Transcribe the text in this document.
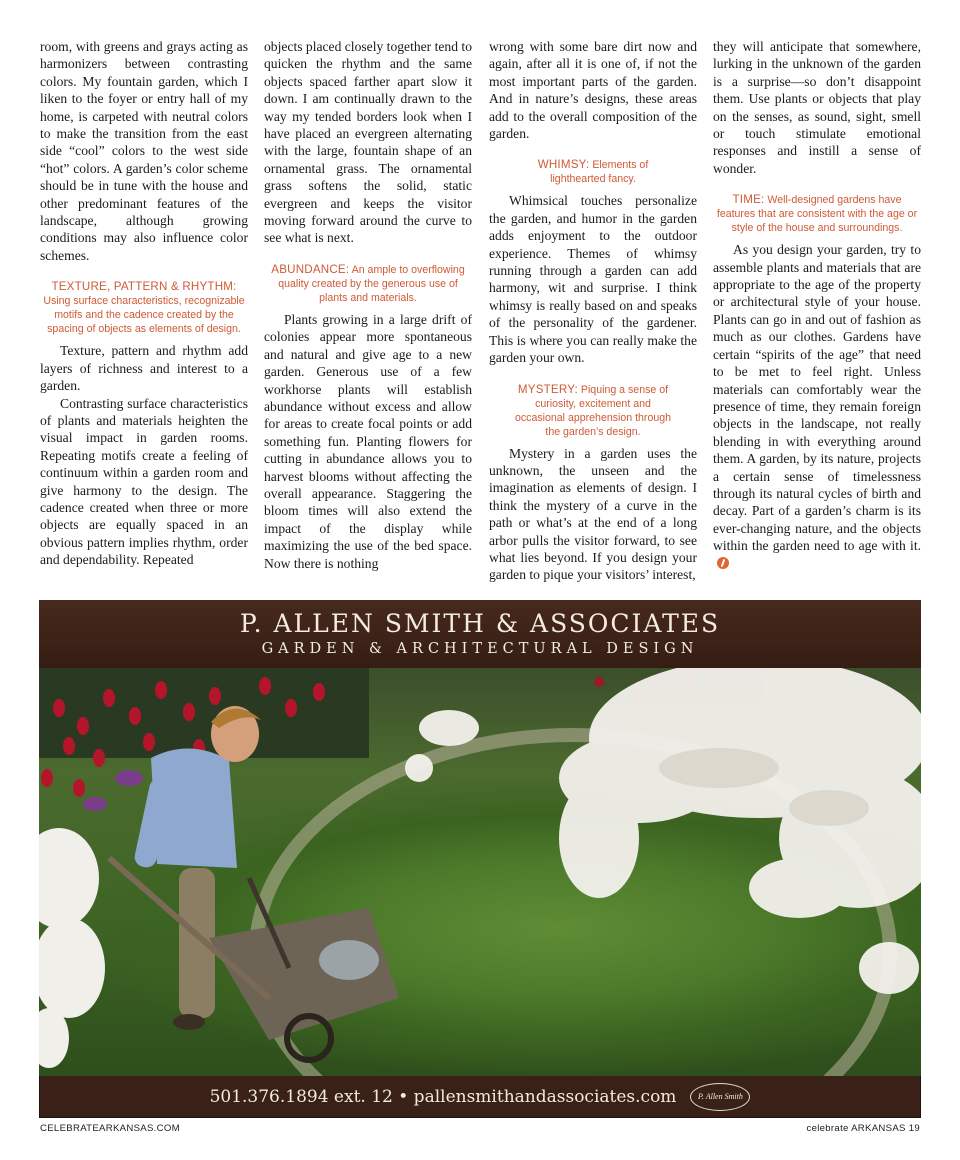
room, with greens and grays acting as harmonizers between contrasting colors. My fountain garden, which I liken to the foyer or entry hall of my home, is carpeted with neutral colors to make the transition from the east side “cool” colors to the west side “hot” colors. A garden’s color scheme should be in tune with the house and other predominant features of the landscape, although growing conditions may also influence color schemes.

TEXTURE, PATTERN & RHYTHM:
Using surface characteristics, recognizable motifs and the cadence created by the spacing of objects as elements of design.

Texture, pattern and rhythm add layers of richness and interest to a garden.

Contrasting surface characteristics of plants and materials heighten the visual impact in garden rooms. Repeating motifs create a feeling of continuum within a garden room and give harmony to the design. The cadence created when three or more objects are equally spaced in an obvious pattern implies rhythm, order and dependability. Repeated

objects placed closely together tend to quicken the rhythm and the same objects spaced farther apart slow it down. I am continually drawn to the way my tended borders look when I have placed an evergreen alternating with the large, fountain shape of an ornamental grass. The ornamental grass softens the solid, static evergreen and keeps the visitor moving forward around the curve to see what is next.

ABUNDANCE: An ample to overflowing quality created by the generous use of plants and materials.

Plants growing in a large drift of colonies appear more spontaneous and natural and give age to a new garden. Generous use of a few workhorse plants will establish abundance without excess and allow for areas to create focal points or add something fun. Planting flowers for cutting in abundance allows you to harvest blooms without affecting the overall appearance. Staggering the bloom times will also extend the impact of the display while maximizing the use of the bed space. Now there is nothing

wrong with some bare dirt now and again, after all it is one of, if not the most important parts of the garden. And in nature’s designs, these areas add to the overall composition of the garden.

WHIMSY: Elements of lighthearted fancy.

Whimsical touches personalize the garden, and humor in the garden adds enjoyment to the outdoor experience. Themes of whimsy running through a garden can add harmony, wit and surprise. I think whimsy is really based on and speaks of the personality of the gardener. This is where you can really make the garden your own.

MYSTERY: Piquing a sense of curiosity, excitement and occasional apprehension through the garden’s design.

Mystery in a garden uses the unknown, the unseen and the imagination as elements of design. I think the mystery of a curve in the path or what’s at the end of a long arbor pulls the visitor forward, to see what lies beyond. If you design your garden to pique your visitors’ interest,

they will anticipate that somewhere, lurking in the unknown of the garden is a surprise—so don’t disappoint them. Use plants or objects that play on the senses, as sound, sight, smell or touch stimulate emotional responses and instill a sense of wonder.

TIME: Well-designed gardens have features that are consistent with the age or style of the house and surroundings.

As you design your garden, try to assemble plants and materials that are appropriate to the age of the property or architectural style of your house. Plants can go in and out of fashion as much as our clothes. Gardens have certain “spirits of the age” that need to be met to feel right. Unless materials can comfortably wear the presence of time, they remain foreign objects in the landscape, not really blending in with everything around them. A garden, by its nature, projects a certain sense of timelessness through its natural cycles of birth and decay. Part of a garden’s charm is its ever-changing nature, and the objects within the garden need to age with it.

P. ALLEN SMITH & ASSOCIATES
GARDEN & ARCHITECTURAL DESIGN
501.376.1894 ext. 12 • pallensmithandassociates.com	P. Allen Smith
CELEBRATEARKANSAS.COM	celebrate ARKANSAS 19
